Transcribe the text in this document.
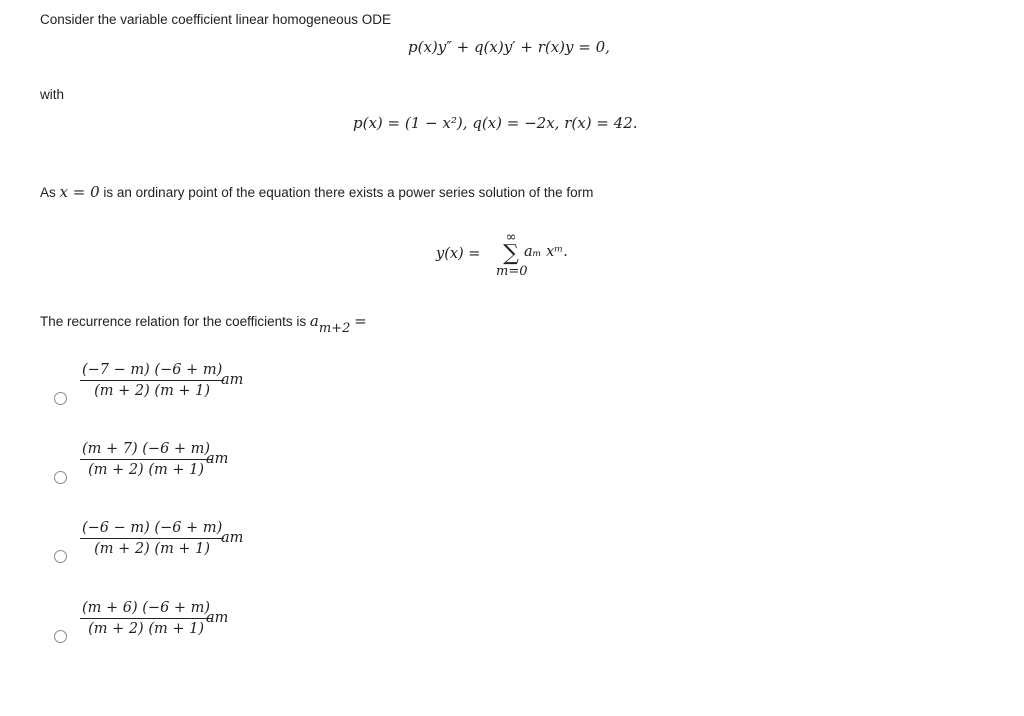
Consider the variable coefficient linear homogeneous ODE
p(x)y″ + q(x)y′ + r(x)y = 0,
with
p(x) = (1 − x²), q(x) = −2x, r(x) = 42.
As x = 0 is an ordinary point of the equation there exists a power series solution of the form
y(x) =
∞
∑
m=0
aₘ xᵐ.
The recurrence relation for the coefficients is $a_{m+2}$ =
$\frac{(-7 - m) (-6 + m)}{(m + 2) (m + 1)}$
am
$\frac{(m + 7) (-6 + m)}{(m + 2) (m + 1)}$
am
$\frac{(-6 - m) (-6 + m)}{(m + 2) (m + 1)}$
am
$\frac{(m + 6) (-6 + m)}{(m + 2) (m + 1)}$
am
